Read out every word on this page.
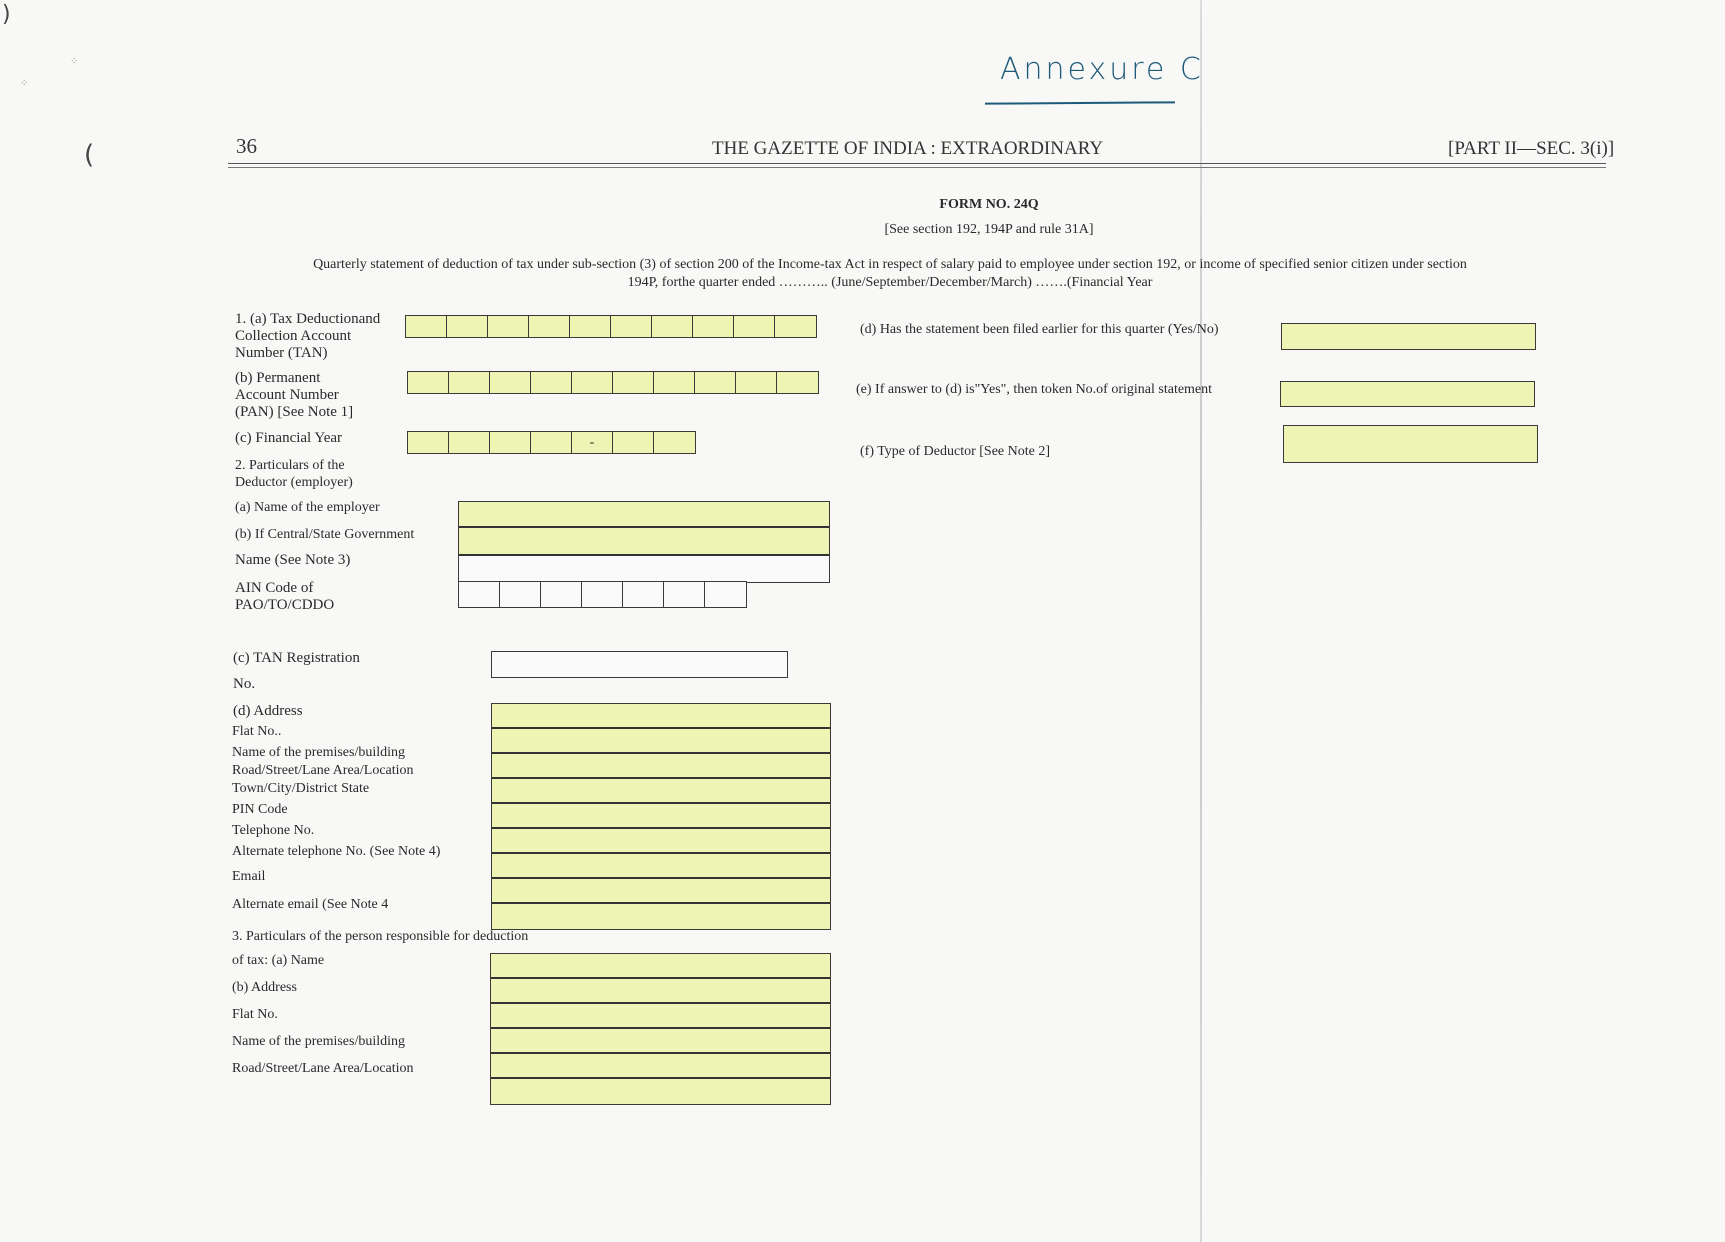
)
(
⁘
⁘	Annexure C
36	THE GAZETTE OF INDIA : EXTRAORDINARY	[PART II—SEC. 3(i)]
FORM NO. 24Q
[See section 192, 194P and rule 31A]
Quarterly statement of deduction of tax under sub-section (3) of section 200 of the Income-tax Act in respect of salary paid to employee under section 192, or income of specified senior citizen under section
194P, forthe quarter ended ……….. (June/September/December/March) …….(Financial Year
1. (a) Tax Deductionand
Collection Account
Number (TAN)
(b) Permanent
Account Number
(PAN) [See Note 1]
(c) Financial Year	-
(d) Has the statement been filed earlier for this quarter (Yes/No)
(e) If answer to (d) is"Yes", then token No.of original statement
(f) Type of Deductor [See Note 2]
2. Particulars of the
Deductor (employer)
(a) Name of the employer
(b) If Central/State Government
Name (See Note 3)
AIN Code of
PAO/TO/CDDO
(c) TAN Registration
No.
(d) Address
Flat No..
Name of the premises/building
Road/Street/Lane Area/Location
Town/City/District State
PIN Code
Telephone No.
Alternate telephone No. (See Note 4)
Email
Alternate email (See Note 4
3. Particulars of the person responsible for deduction
of tax: (a) Name
(b) Address
Flat No.
Name of the premises/building
Road/Street/Lane Area/Location
